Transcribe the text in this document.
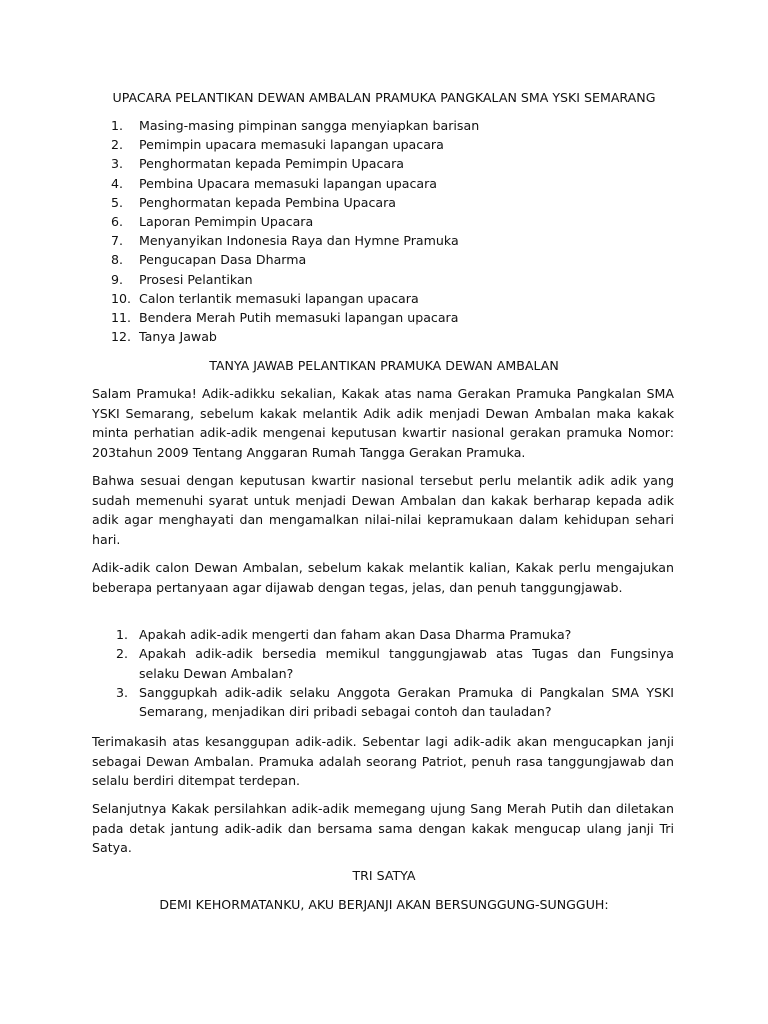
UPACARA PELANTIKAN DEWAN AMBALAN PRAMUKA PANGKALAN SMA YSKI SEMARANG

1.	Masing-masing pimpinan sangga menyiapkan barisan
2.	Pemimpin upacara memasuki lapangan upacara
3.	Penghormatan kepada Pemimpin Upacara
4.	Pembina Upacara memasuki lapangan upacara
5.	Penghormatan kepada Pembina Upacara
6.	Laporan Pemimpin Upacara
7.	Menyanyikan Indonesia Raya dan Hymne Pramuka
8.	Pengucapan Dasa Dharma
9.	Prosesi Pelantikan
10. Calon terlantik memasuki lapangan upacara
11. Bendera Merah Putih memasuki lapangan upacara
12. Tanya Jawab

TANYA JAWAB PELANTIKAN PRAMUKA DEWAN AMBALAN

Salam Pramuka! Adik-adikku sekalian, Kakak atas nama Gerakan Pramuka Pangkalan SMA YSKI Semarang, sebelum kakak melantik Adik adik menjadi Dewan Ambalan maka kakak minta perhatian adik-adik mengenai keputusan kwartir nasional gerakan pramuka Nomor: 203tahun 2009 Tentang Anggaran Rumah Tangga Gerakan Pramuka.

Bahwa sesuai dengan keputusan kwartir nasional tersebut perlu melantik adik adik yang sudah memenuhi syarat untuk menjadi Dewan Ambalan dan kakak berharap kepada adik adik agar menghayati dan mengamalkan nilai-nilai kepramukaan dalam kehidupan sehari hari.

Adik-adik calon Dewan Ambalan, sebelum kakak melantik kalian, Kakak perlu mengajukan beberapa pertanyaan agar dijawab dengan tegas, jelas, dan penuh tanggungjawab.

1. Apakah adik-adik mengerti dan faham akan Dasa Dharma Pramuka?
2. Apakah adik-adik bersedia memikul tanggungjawab atas Tugas dan Fungsinya selaku Dewan Ambalan?
3. Sanggupkah adik-adik selaku Anggota Gerakan Pramuka di Pangkalan SMA YSKI Semarang, menjadikan diri pribadi sebagai contoh dan tauladan?

Terimakasih atas kesanggupan adik-adik. Sebentar lagi adik-adik akan mengucapkan janji sebagai Dewan Ambalan. Pramuka adalah seorang Patriot, penuh rasa tanggungjawab dan selalu berdiri ditempat terdepan.

Selanjutnya Kakak persilahkan adik-adik memegang ujung Sang Merah Putih dan diletakan pada detak jantung adik-adik dan bersama sama dengan kakak mengucap ulang janji Tri Satya.

TRI SATYA

DEMI KEHORMATANKU, AKU BERJANJI AKAN BERSUNGGUNG-SUNGGUH:
